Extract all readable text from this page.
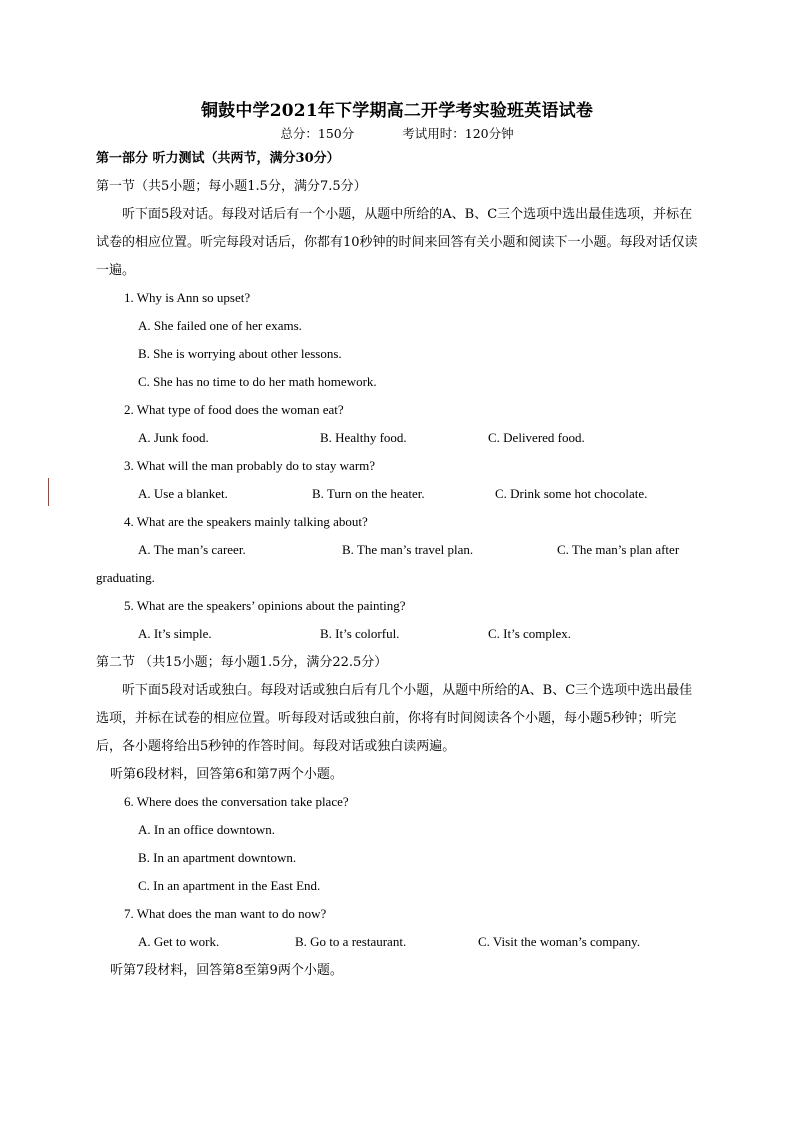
铜鼓中学2021年下学期高二开学考实验班英语试卷
总分：150分	考试用时：120分钟
第一部分 听力测试（共两节，满分30分）
第一节（共5小题；每小题1.5分，满分7.5分）
听下面5段对话。每段对话后有一个小题，从题中所给的A、B、C三个选项中选出最佳选项，并标在试卷的相应位置。听完每段对话后，你都有10秒钟的时间来回答有关小题和阅读下一小题。每段对话仅读一遍。
1. Why is Ann so upset?
A. She failed one of her exams.
B. She is worrying about other lessons.
C. She has no time to do her math homework.
2. What type of food does the woman eat?
A. Junk food.	B. Healthy food.	C. Delivered food.
3. What will the man probably do to stay warm?
A. Use a blanket.	B. Turn on the heater.	C. Drink some hot chocolate.
4. What are the speakers mainly talking about?
A. The man’s career.	B. The man’s travel plan.	C. The man’s plan after
graduating.
5. What are the speakers’ opinions about the painting?
A. It’s simple.	B. It’s colorful.	C. It’s complex.
第二节 （共15小题；每小题1.5分，满分22.5分）
听下面5段对话或独白。每段对话或独白后有几个小题，从题中所给的A、B、C三个选项中选出最佳选项，并标在试卷的相应位置。听每段对话或独白前，你将有时间阅读各个小题，每小题5秒钟；听完后，各小题将给出5秒钟的作答时间。每段对话或独白读两遍。
听第6段材料，回答第6和第7两个小题。
6. Where does the conversation take place?
A. In an office downtown.
B. In an apartment downtown.
C. In an apartment in the East End.
7. What does the man want to do now?
A. Get to work.	B. Go to a restaurant.	C. Visit the woman’s company.
听第7段材料，回答第8至第9两个小题。
